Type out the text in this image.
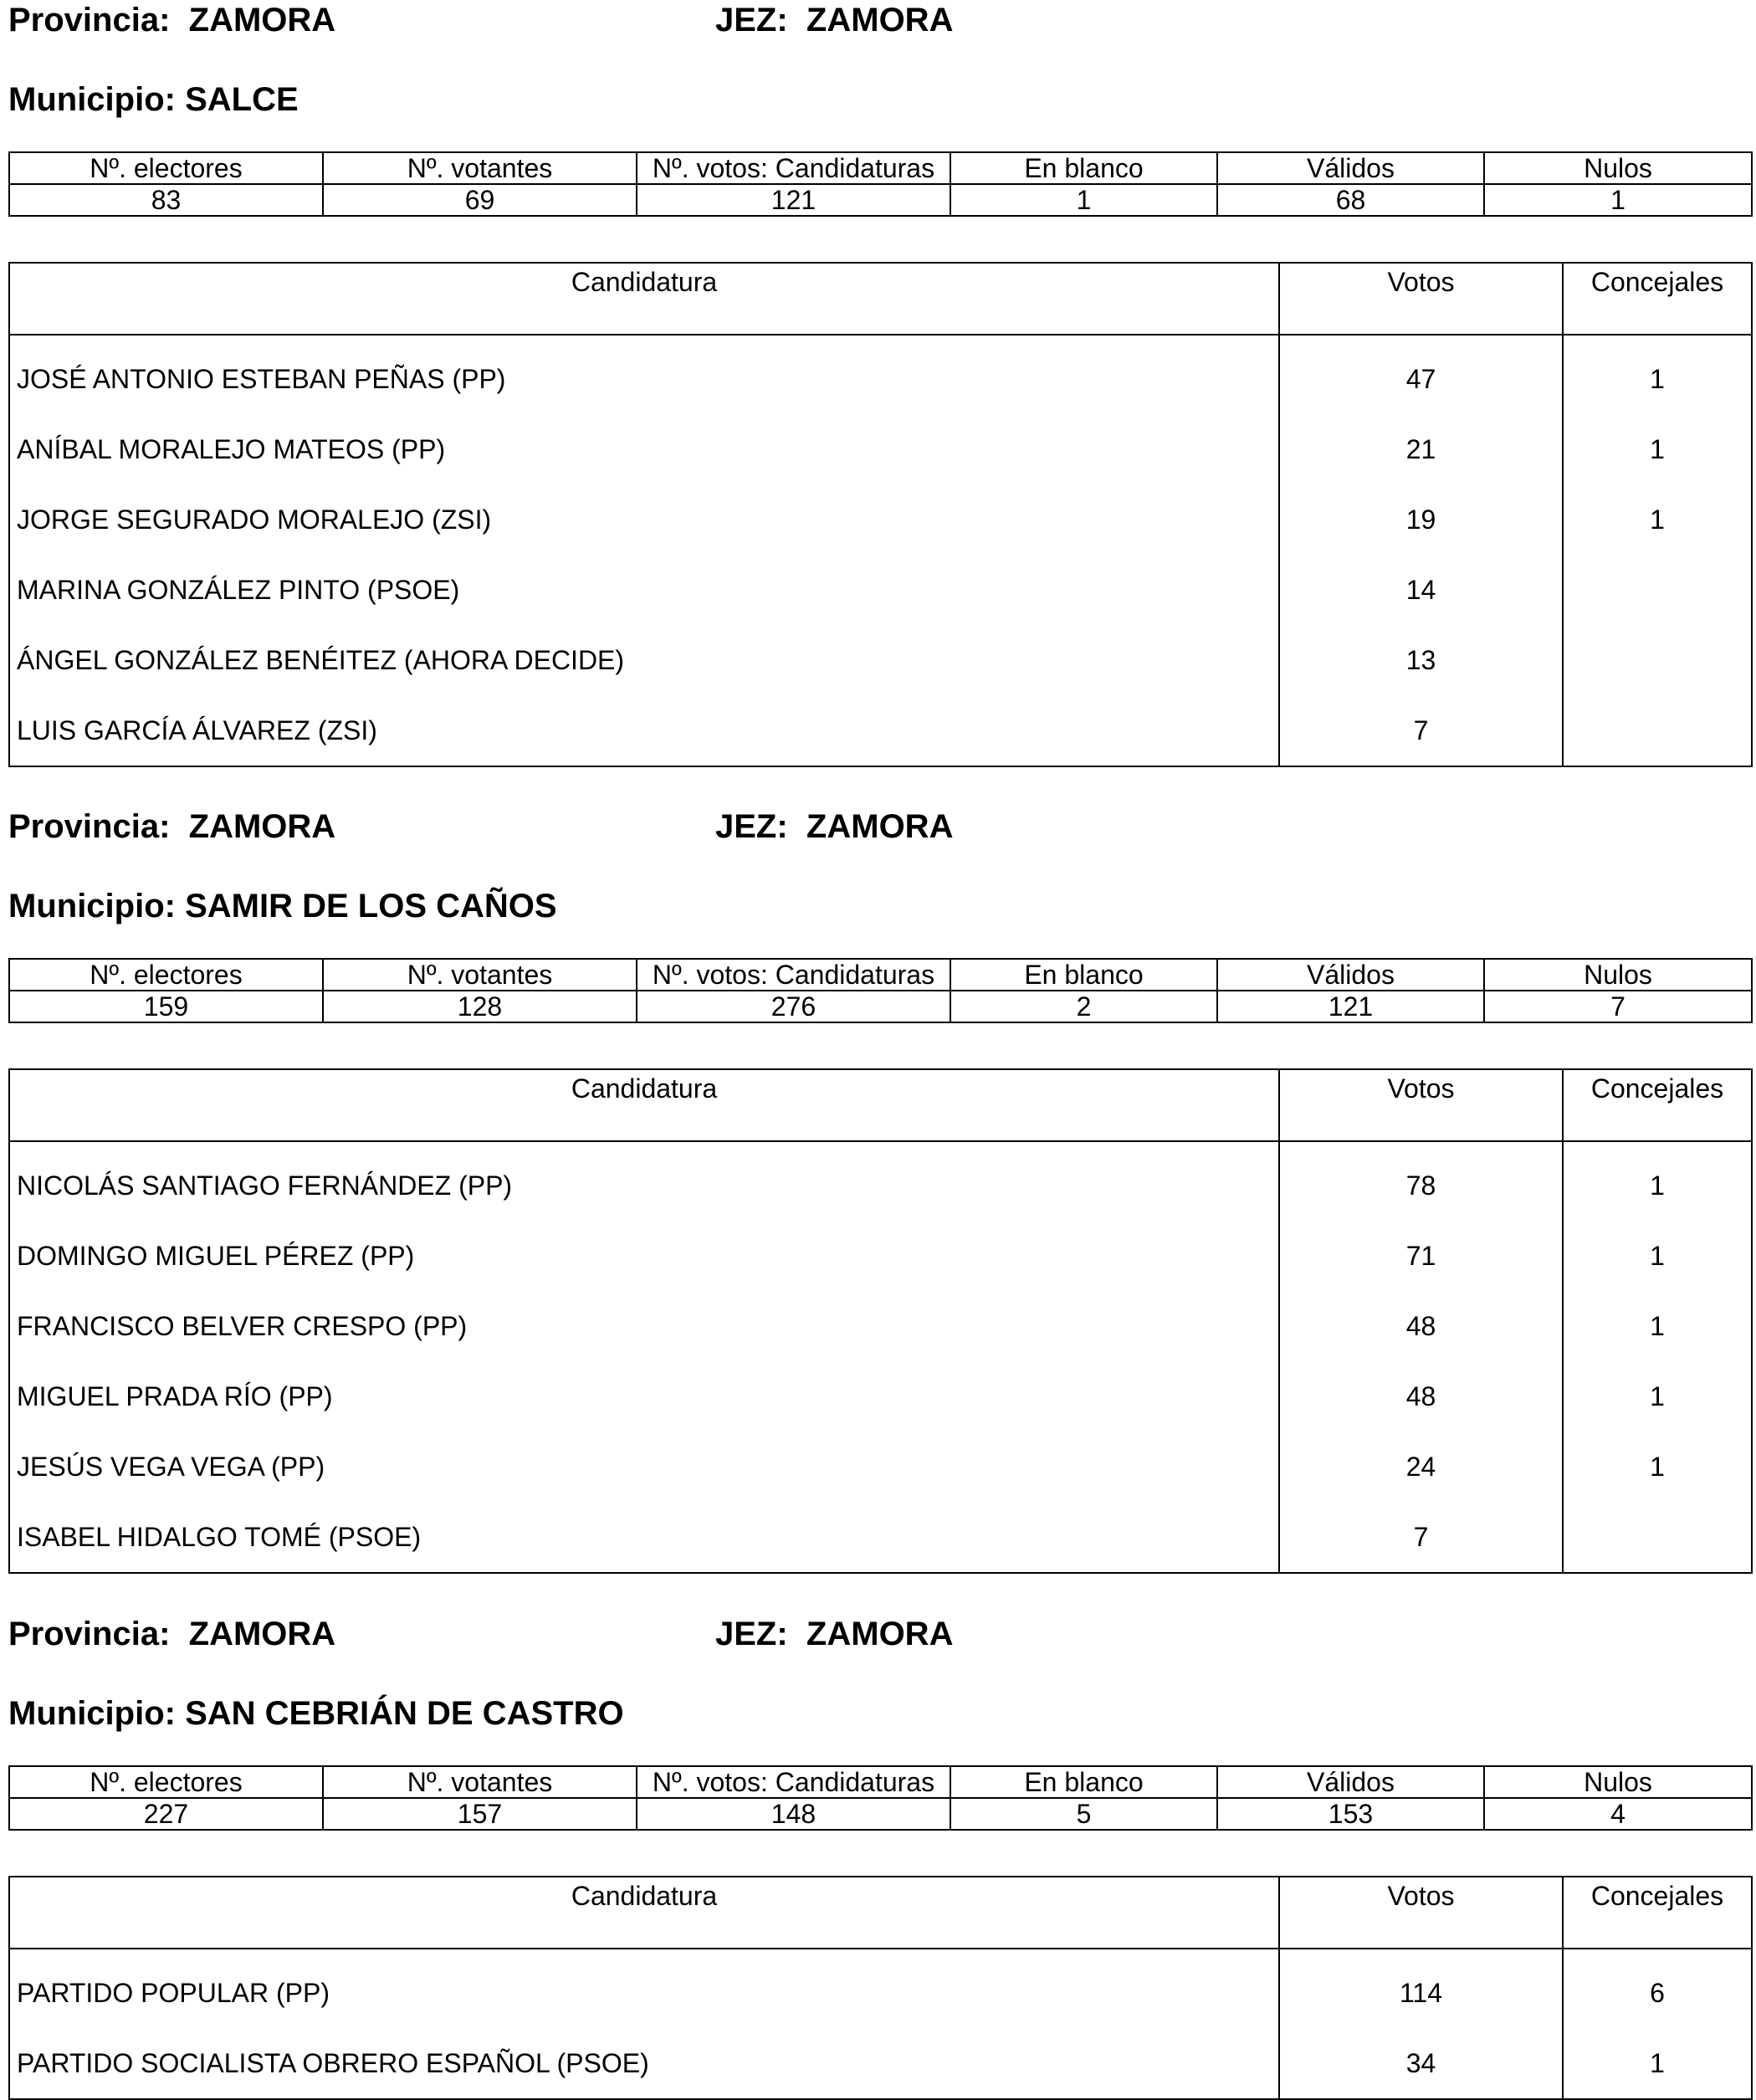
Provincia: ZAMORA	JEZ: ZAMORA
Municipio: SALCE
Nº. electores	Nº. votantes	Nº. votos: Candidaturas	En blanco	Válidos	Nulos
83	69	121	1	68	1
Candidatura	Votos	Concejales
JOSÉ ANTONIO ESTEBAN PEÑAS (PP)	47	1
ANÍBAL MORALEJO MATEOS (PP)	21	1
JORGE SEGURADO MORALEJO (ZSI)	19	1
MARINA GONZÁLEZ PINTO (PSOE)	14	
ÁNGEL GONZÁLEZ BENÉITEZ (AHORA DECIDE)	13	
LUIS GARCÍA ÁLVAREZ (ZSI)	7	
Provincia: ZAMORA	JEZ: ZAMORA
Municipio: SAMIR DE LOS CAÑOS
Nº. electores	Nº. votantes	Nº. votos: Candidaturas	En blanco	Válidos	Nulos
159	128	276	2	121	7
Candidatura	Votos	Concejales
NICOLÁS SANTIAGO FERNÁNDEZ (PP)	78	1
DOMINGO MIGUEL PÉREZ (PP)	71	1
FRANCISCO BELVER CRESPO (PP)	48	1
MIGUEL PRADA RÍO (PP)	48	1
JESÚS VEGA VEGA (PP)	24	1
ISABEL HIDALGO TOMÉ (PSOE)	7	
Provincia: ZAMORA	JEZ: ZAMORA
Municipio: SAN CEBRIÁN DE CASTRO
Nº. electores	Nº. votantes	Nº. votos: Candidaturas	En blanco	Válidos	Nulos
227	157	148	5	153	4
Candidatura	Votos	Concejales
PARTIDO POPULAR (PP)	114	6
PARTIDO SOCIALISTA OBRERO ESPAÑOL (PSOE)	34	1
